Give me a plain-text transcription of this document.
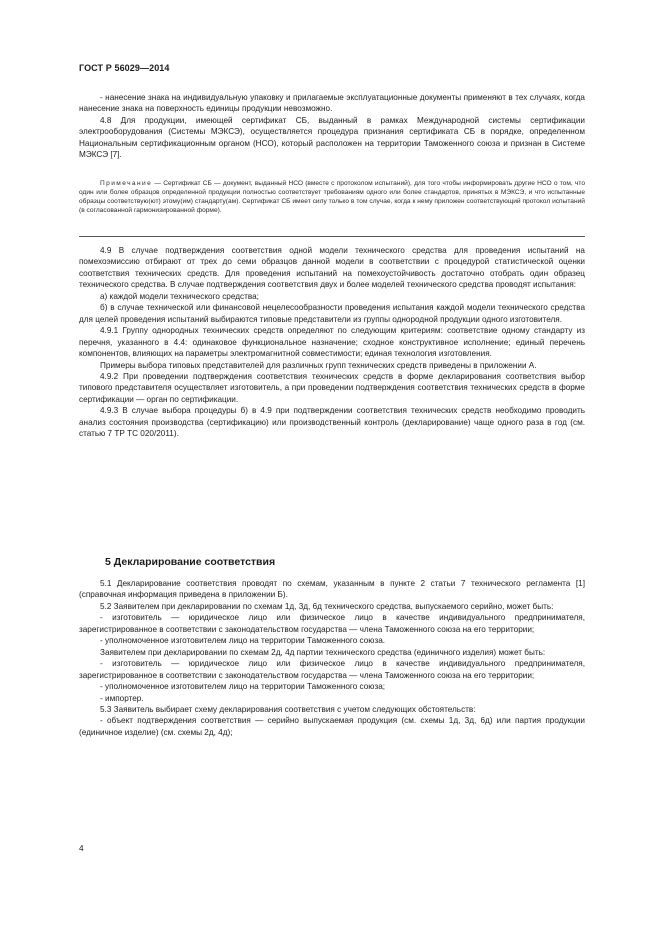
ГОСТ Р 56029—2014

- нанесение знака на индивидуальную упаковку и прилагаемые эксплуатационные документы применяют в тех случаях, когда нанесение знака на поверхность единицы продукции невозможно.

4.8 Для продукции, имеющей сертификат СБ, выданный в рамках Международной системы сертификации электрооборудования (Системы МЭКСЭ), осуществляется процедура признания сертификата СБ в порядке, определенном Национальным сертификационным органом (НСО), который расположен на территории Таможенного союза и признан в Системе МЭКСЭ [7].

Примечание — Сертификат СБ — документ, выданный НСО (вместе с протоколом испытаний), для того чтобы информировать другие НСО о том, что один или более образцов определенной продукции полностью соответствует требованиям одного или более стандартов, принятых в МЭКСЭ, и что испытанные образцы соответствую(ют) этому(им) стандарту(ам). Сертификат СБ имеет силу только в том случае, когда к нему приложен соответствующий протокол испытаний (в согласованной гармонизированной форме).

4.9 В случае подтверждения соответствия одной модели технического средства для проведения испытаний на помехоэмиссию отбирают от трех до семи образцов данной модели в соответствии с процедурой статистической оценки соответствия технических средств. Для проведения испытаний на помехоустойчивость достаточно отобрать один образец технического средства. В случае подтверждения соответствия двух и более моделей технического средства проводят испытания:

а) каждой модели технического средства;

б) в случае технической или финансовой нецелесообразности проведения испытания каждой модели технического средства для целей проведения испытаний выбираются типовые представители из группы однородной продукции одного изготовителя.

4.9.1 Группу однородных технических средств определяют по следующим критериям: соответствие одному стандарту из перечня, указанного в 4.4: одинаковое функциональное назначение; сходное конструктивное исполнение; единый перечень компонентов, влияющих на параметры электромагнитной совместимости; единая технология изготовления.

Примеры выбора типовых представителей для различных групп технических средств приведены в приложении А.

4.9.2 При проведении подтверждения соответствия технических средств в форме декларирования соответствия выбор типового представителя осуществляет изготовитель, а при проведении подтверждения соответствия технических средств в форме сертификации — орган по сертификации.

4.9.3 В случае выбора процедуры б) в 4.9 при подтверждении соответствия технических средств необходимо проводить анализ состояния производства (сертификацию) или производственный контроль (декларирование) чаще одного раза в год (см. статью 7 ТР ТС 020/2011).

5 Декларирование соответствия

5.1 Декларирование соответствия проводят по схемам, указанным в пункте 2 статьи 7 технического регламента [1] (справочная информация приведена в приложении Б).

5.2 Заявителем при декларировании по схемам 1д, 3д, 6д технического средства, выпускаемого серийно, может быть:

- изготовитель — юридическое лицо или физическое лицо в качестве индивидуального предпринимателя, зарегистрированное в соответствии с законодательством государства — члена Таможенного союза на его территории;

- уполномоченное изготовителем лицо на территории Таможенного союза.

Заявителем при декларировании по схемам 2д, 4д партии технического средства (единичного изделия) может быть:

- изготовитель — юридическое лицо или физическое лицо в качестве индивидуального предпринимателя, зарегистрированное в соответствии с законодательством государства — члена Таможенного союза на его территории;

- уполномоченное изготовителем лицо на территории Таможенного союза;

- импортер.

5.3 Заявитель выбирает схему декларирования соответствия с учетом следующих обстоятельств:

- объект подтверждения соответствия — серийно выпускаемая продукция (см. схемы 1д, 3д, 6д) или партия продукции (единичное изделие) (см. схемы 2д, 4д);

4
